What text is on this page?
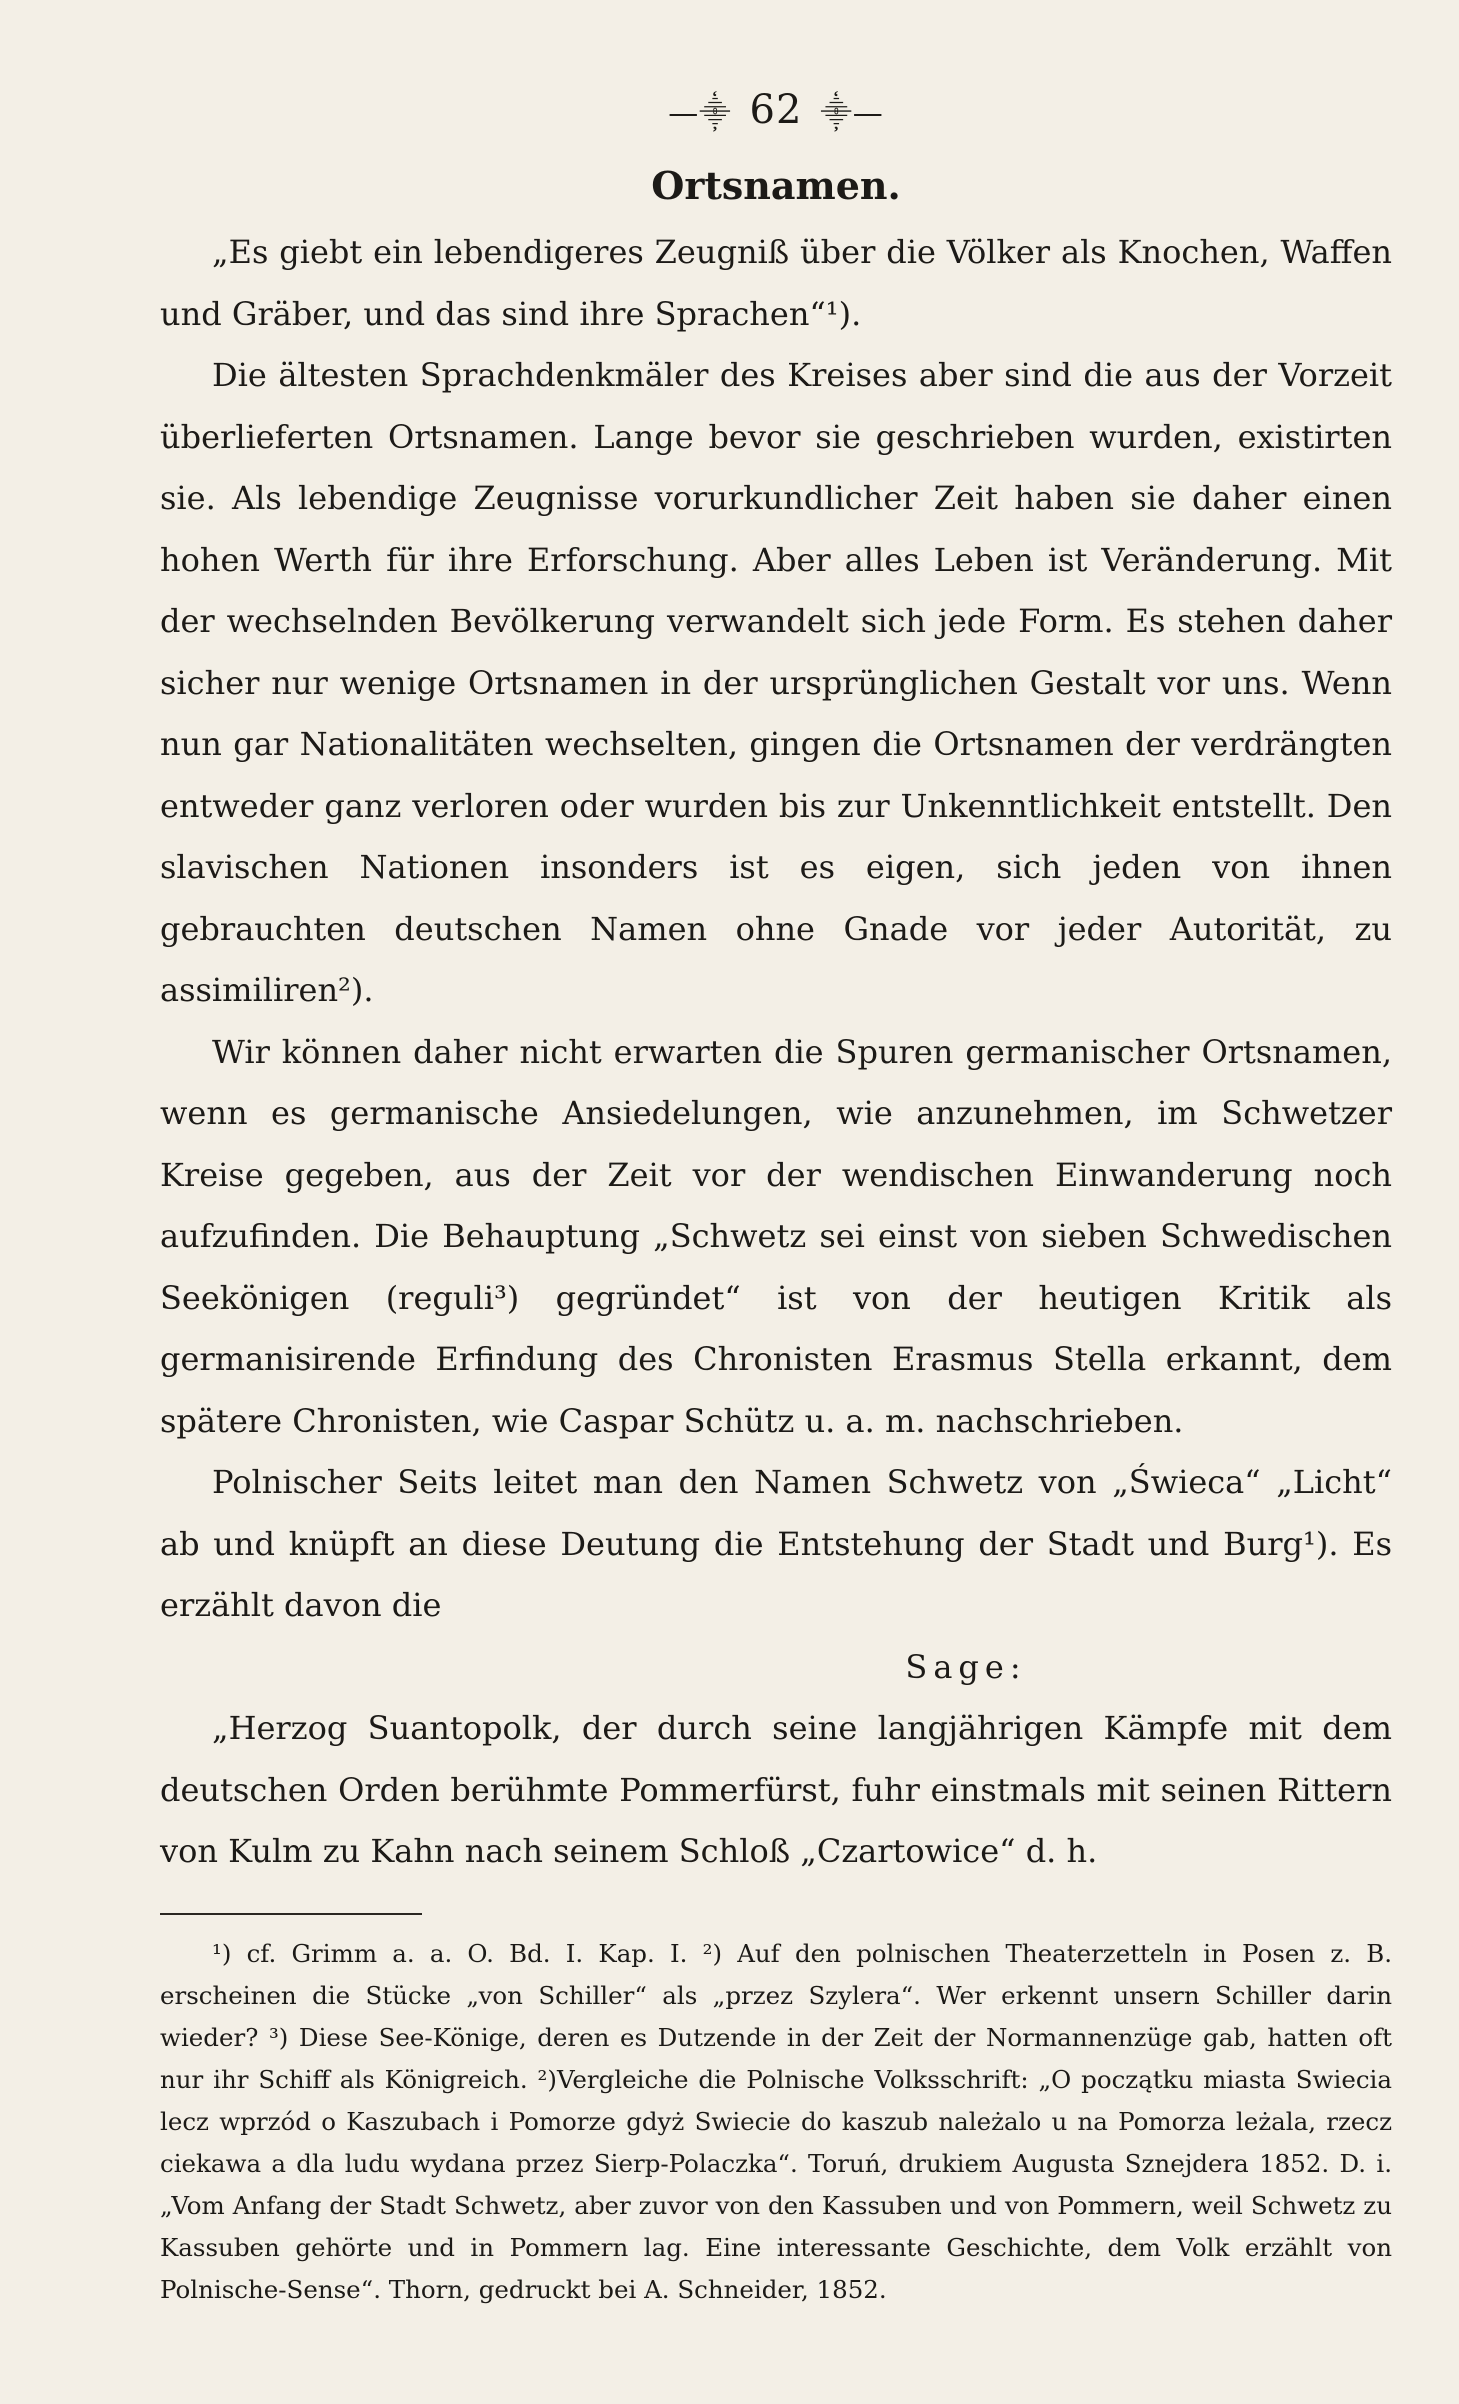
—⸎ 62 ⸎—
Ortsnamen.

„Es giebt ein lebendigeres Zeugniß über die Völker als Knochen, Waffen und Gräber, und das sind ihre Sprachen“¹).

Die ältesten Sprachdenkmäler des Kreises aber sind die aus der Vorzeit überlieferten Ortsnamen. Lange bevor sie geschrieben wurden, existirten sie. Als lebendige Zeugnisse vorurkundlicher Zeit haben sie daher einen hohen Werth für ihre Erforschung. Aber alles Leben ist Veränderung. Mit der wechselnden Bevölkerung verwandelt sich jede Form. Es stehen daher sicher nur wenige Ortsnamen in der ursprünglichen Gestalt vor uns. Wenn nun gar Nationalitäten wechselten, gingen die Ortsnamen der verdrängten entweder ganz verloren oder wurden bis zur Unkenntlichkeit entstellt. Den slavischen Nationen insonders ist es eigen, sich jeden von ihnen gebrauchten deutschen Namen ohne Gnade vor jeder Autorität, zu assimiliren²).

Wir können daher nicht erwarten die Spuren germanischer Ortsnamen, wenn es germanische Ansiedelungen, wie anzunehmen, im Schwetzer Kreise gegeben, aus der Zeit vor der wendischen Einwanderung noch aufzufinden. Die Behauptung „Schwetz sei einst von sieben Schwedischen Seekönigen (reguli³) gegründet“ ist von der heutigen Kritik als germanisirende Erfindung des Chronisten Erasmus Stella erkannt, dem spätere Chronisten, wie Caspar Schütz u. a. m. nachschrieben.

Polnischer Seits leitet man den Namen Schwetz von „Świeca“ „Licht“ ab und knüpft an diese Deutung die Entstehung der Stadt und Burg¹). Es erzählt davon die

Sage:

„Herzog Suantopolk, der durch seine langjährigen Kämpfe mit dem deutschen Orden berühmte Pommerfürst, fuhr einstmals mit seinen Rittern von Kulm zu Kahn nach seinem Schloß „Czartowice“ d. h.

¹) cf. Grimm a. a. O. Bd. I. Kap. I. ²) Auf den polnischen Theaterzetteln in Posen z. B. erscheinen die Stücke „von Schiller“ als „przez Szylera“. Wer erkennt unsern Schiller darin wieder? ³) Diese See-Könige, deren es Dutzende in der Zeit der Normannenzüge gab, hatten oft nur ihr Schiff als Königreich. ²)Vergleiche die Polnische Volksschrift: „O początku miasta Swiecia lecz wprzód o Kaszubach i Pomorze gdyż Swiecie do kaszub należalo u na Pomorza leżala, rzecz ciekawa a dla ludu wydana przez Sierp-Polaczka“. Toruń, drukiem Augusta Sznejdera 1852. D. i. „Vom Anfang der Stadt Schwetz, aber zuvor von den Kassuben und von Pommern, weil Schwetz zu Kassuben gehörte und in Pommern lag. Eine interessante Geschichte, dem Volk erzählt von Polnische-Sense“. Thorn, gedruckt bei A. Schneider, 1852.
